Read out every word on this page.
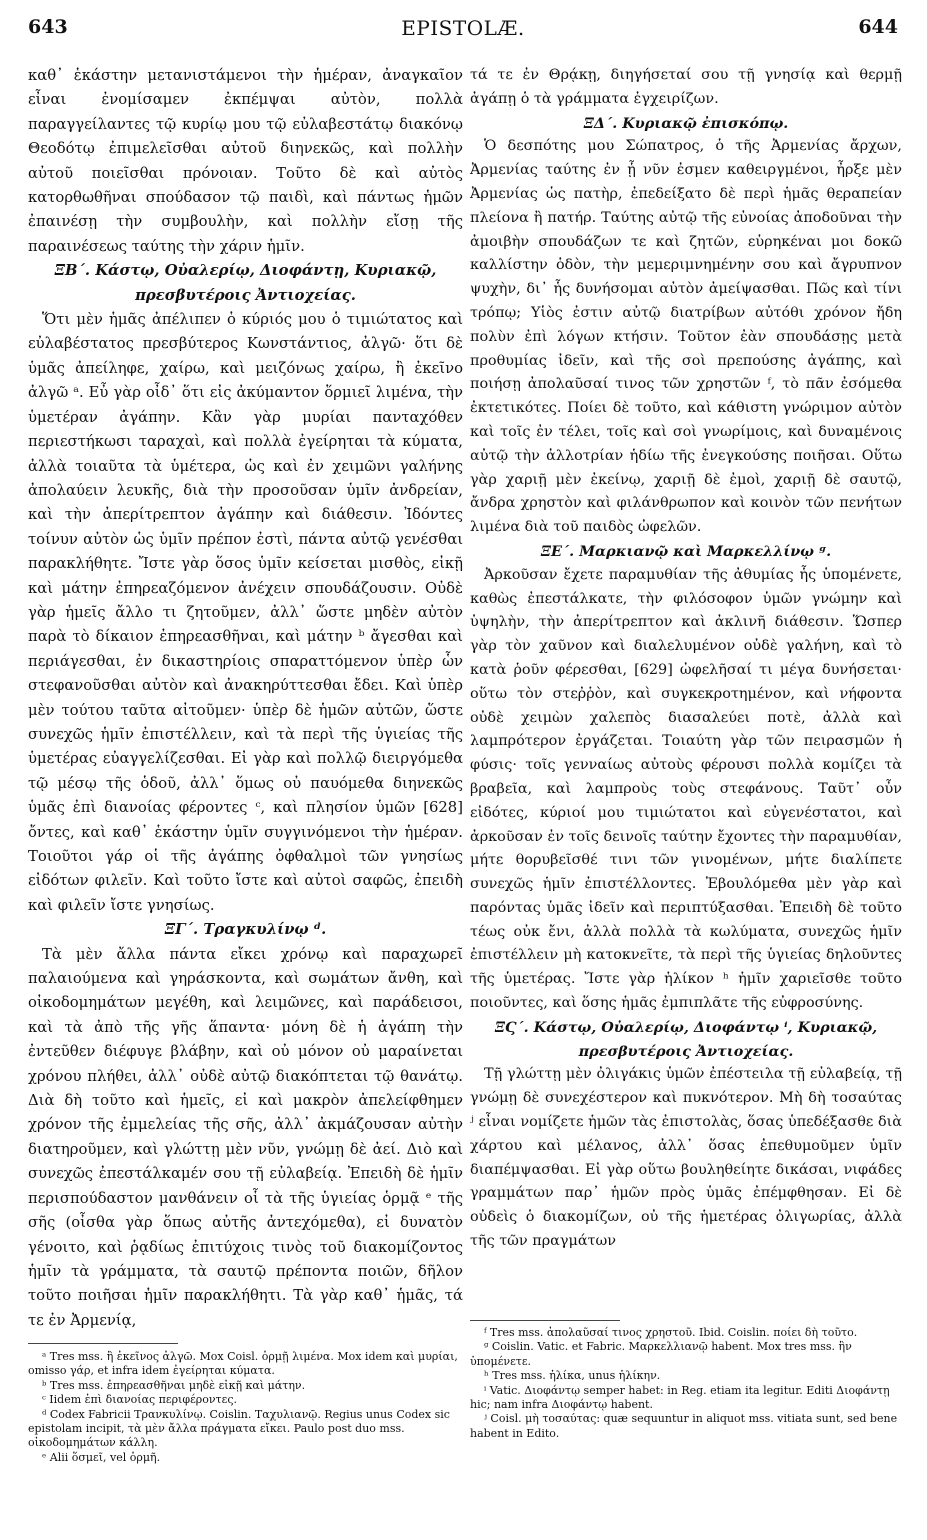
643	EPISTOLÆ.	644

καθ᾽ ἑκάστην μετανιστάμενοι τὴν ἡμέραν, ἀναγκαῖον εἶναι ἐνομίσαμεν ἐκπέμψαι αὐτὸν, πολλὰ παραγγείλαντες τῷ κυρίῳ μου τῷ εὐλαβεστάτῳ διακόνῳ Θεοδότῳ ἐπιμελεῖσθαι αὐτοῦ διηνεκῶς, καὶ πολλὴν αὐτοῦ ποιεῖσθαι πρόνοιαν. Τοῦτο δὲ καὶ αὐτὸς κατορθωθῆναι σπούδασον τῷ παιδὶ, καὶ πάντως ἡμῶν ἐπαινέσῃ τὴν συμβουλὴν, καὶ πολλὴν εἴσῃ τῆς παραινέσεως ταύτης τὴν χάριν ἡμῖν.

ΞΒ΄. Κάστῳ, Οὐαλερίῳ, Διοφάντῃ, Κυριακῷ, πρεσβυτέροις Ἀντιοχείας.

Ὅτι μὲν ἡμᾶς ἀπέλιπεν ὁ κύριός μου ὁ τιμιώτατος καὶ εὐλαβέστατος πρεσβύτερος Κωνστάντιος, ἀλγῶ· ὅτι δὲ ὑμᾶς ἀπείληφε, χαίρω, καὶ μειζόνως χαίρω, ἢ ἐκεῖνο ἀλγῶ ᵃ. Εὖ γὰρ οἶδ᾽ ὅτι εἰς ἀκύμαντον ὅρμιεῖ λιμένα, τὴν ὑμετέραν ἀγάπην. Κἂν γὰρ μυρίαι πανταχόθεν περιεστήκωσι ταραχαὶ, καὶ πολλὰ ἐγείρηται τὰ κύματα, ἀλλὰ τοιαῦτα τὰ ὑμέτερα, ὡς καὶ ἐν χειμῶνι γαλήνης ἀπολαύειν λευκῆς, διὰ τὴν προσοῦσαν ὑμῖν ἀνδρείαν, καὶ τὴν ἀπερίτρεπτον ἀγάπην καὶ διάθεσιν. Ἰδόντες τοίνυν αὐτὸν ὡς ὑμῖν πρέπον ἐστὶ, πάντα αὐτῷ γενέσθαι παρακλήθητε. Ἴστε γὰρ ὅσος ὑμῖν κείσεται μισθὸς, εἰκῇ καὶ μάτην ἐπηρεαζόμενον ἀνέχειν σπουδάζουσιν. Οὐδὲ γὰρ ἡμεῖς ἄλλο τι ζητοῦμεν, ἀλλ᾽ ὥστε μηδὲν αὐτὸν παρὰ τὸ δίκαιον ἐπηρεασθῆναι, καὶ μάτην ᵇ ἄγεσθαι καὶ περιάγεσθαι, ἐν δικαστηρίοις σπαραττόμενον ὑπὲρ ὧν στεφανοῦσθαι αὐτὸν καὶ ἀνακηρύττεσθαι ἔδει. Καὶ ὑπὲρ μὲν τούτου ταῦτα αἰτοῦμεν· ὑπὲρ δὲ ἡμῶν αὐτῶν, ὥστε συνεχῶς ἡμῖν ἐπιστέλλειν, καὶ τὰ περὶ τῆς ὑγιείας τῆς ὑμετέρας εὐαγγελίζεσθαι. Εἰ γὰρ καὶ πολλῷ διειργόμεθα τῷ μέσῳ τῆς ὁδοῦ, ἀλλ᾽ ὅμως οὐ παυόμεθα διηνεκῶς ὑμᾶς ἐπὶ διανοίας φέροντες ᶜ, καὶ πλησίον ὑμῶν [628] ὄντες, καὶ καθ᾽ ἑκάστην ὑμῖν συγγινόμενοι τὴν ἡμέραν. Τοιοῦτοι γάρ οἱ τῆς ἀγάπης ὀφθαλμοὶ τῶν γνησίως εἰδότων φιλεῖν. Καὶ τοῦτο ἴστε καὶ αὐτοὶ σαφῶς, ἐπειδὴ καὶ φιλεῖν ἴστε γνησίως.

ΞΓ΄. Τραγκυλίνῳ ᵈ.

Τὰ μὲν ἄλλα πάντα εἴκει χρόνῳ καὶ παραχωρεῖ παλαιούμενα καὶ γηράσκοντα, καὶ σωμάτων ἄνθη, καὶ οἰκοδομημάτων μεγέθη, καὶ λειμῶνες, καὶ παράδεισοι, καὶ τὰ ἀπὸ τῆς γῆς ἅπαντα· μόνη δὲ ἡ ἀγάπη τὴν ἐντεῦθεν διέφυγε βλάβην, καὶ οὐ μόνον οὐ μαραίνεται χρόνου πλήθει, ἀλλ᾽ οὐδὲ αὐτῷ διακόπτεται τῷ θανάτῳ. Διὰ δὴ τοῦτο καὶ ἡμεῖς, εἰ καὶ μακρὸν ἀπελείφθημεν χρόνον τῆς ἐμμελείας τῆς σῆς, ἀλλ᾽ ἀκμάζουσαν αὐτὴν διατηροῦμεν, καὶ γλώττῃ μὲν νῦν, γνώμῃ δὲ ἀεί. Διὸ καὶ συνεχῶς ἐπεστάλκαμέν σου τῇ εὐλαβείᾳ. Ἐπειδὴ δὲ ἡμῖν περισπούδαστον μανθάνειν οἷ τὰ τῆς ὑγιείας ὁρμᾷ ᵉ τῆς σῆς (οἶσθα γὰρ ὅπως αὐτῆς ἀντεχόμεθα), εἰ δυνατὸν γένοιτο, καὶ ῥᾳδίως ἐπιτύχοις τινὸς τοῦ διακομίζοντος ἡμῖν τὰ γράμματα, τὰ σαυτῷ πρέποντα ποιῶν, δῆλον τοῦτο ποιῆσαι ἡμῖν παρακλήθητι. Τὰ γὰρ καθ᾽ ἡμᾶς, τά τε ἐν Ἀρμενίᾳ,

τά τε ἐν Θρᾴκῃ, διηγήσεταί σου τῇ γνησίᾳ καὶ θερμῇ ἀγάπῃ ὁ τὰ γράμματα ἐγχειρίζων.

ΞΔ΄. Κυριακῷ ἐπισκόπῳ.

Ὁ δεσπότης μου Σώπατρος, ὁ τῆς Ἀρμενίας ἄρχων, Ἀρμενίας ταύτης ἐν ᾗ νῦν ἐσμεν καθειργμένοι, ἦρξε μὲν Ἀρμενίας ὡς πατὴρ, ἐπεδείξατο δὲ περὶ ἡμᾶς θεραπείαν πλείονα ἢ πατήρ. Ταύτης αὐτῷ τῆς εὐνοίας ἀποδοῦναι τὴν ἀμοιβὴν σπουδάζων τε καὶ ζητῶν, εὑρηκέναι μοι δοκῶ καλλίστην ὁδὸν, τὴν μεμεριμνημένην σου καὶ ἄγρυπνον ψυχὴν, δι᾽ ἧς δυνήσομαι αὐτὸν ἀμείψασθαι. Πῶς καὶ τίνι τρόπῳ; Υἱὸς ἐστιν αὐτῷ διατρίβων αὐτόθι χρόνον ἤδη πολὺν ἐπὶ λόγων κτήσιν. Τοῦτον ἐὰν σπουδάσῃς μετὰ προθυμίας ἰδεῖν, καὶ τῆς σοὶ πρεπούσης ἀγάπης, καὶ ποιήσῃ ἀπολαῦσαί τινος τῶν χρηστῶν ᶠ, τὸ πᾶν ἐσόμεθα ἐκτετικότες. Ποίει δὲ τοῦτο, καὶ κάθιστη γνώριμον αὐτὸν καὶ τοῖς ἐν τέλει, τοῖς καὶ σοὶ γνωρίμοις, καὶ δυναμένοις αὐτῷ τὴν ἀλλοτρίαν ἡδίω τῆς ἐνεγκούσης ποιῆσαι. Οὕτω γὰρ χαριῇ μὲν ἐκείνῳ, χαριῇ δὲ ἐμοὶ, χαριῇ δὲ σαυτῷ, ἄνδρα χρηστὸν καὶ φιλάνθρωπον καὶ κοινὸν τῶν πενήτων λιμένα διὰ τοῦ παιδὸς ὠφελῶν.

ΞΕ΄. Μαρκιανῷ καὶ Μαρκελλίνῳ ᵍ.

Ἀρκοῦσαν ἔχετε παραμυθίαν τῆς ἀθυμίας ἧς ὑπομένετε, καθὼς ἐπεστάλκατε, τὴν φιλόσοφον ὑμῶν γνώμην καὶ ὑψηλὴν, τὴν ἀπερίτρεπτον καὶ ἀκλινῆ διάθεσιν. Ὥσπερ γὰρ τὸν χαῦνον καὶ διαλελυμένον οὐδὲ γαλήνη, καὶ τὸ κατὰ ῥοῦν φέρεσθαι, [629] ὠφελῆσαί τι μέγα δυνήσεται· οὕτω τὸν στεῤῥὸν, καὶ συγκεκροτημένον, καὶ νήφοντα οὐδὲ χειμὼν χαλεπὸς διασαλεύει ποτὲ, ἀλλὰ καὶ λαμπρότερον ἐργάζεται. Τοιαύτη γὰρ τῶν πειρασμῶν ἡ φύσις· τοῖς γενναίως αὐτοὺς φέρουσι πολλὰ κομίζει τὰ βραβεῖα, καὶ λαμπροὺς τοὺς στεφάνους. Ταῦτ᾽ οὖν εἰδότες, κύριοί μου τιμιώτατοι καὶ εὐγενέστατοι, καὶ ἀρκοῦσαν ἐν τοῖς δεινοῖς ταύτην ἔχοντες τὴν παραμυθίαν, μήτε θορυβεῖσθέ τινι τῶν γινομένων, μήτε διαλίπετε συνεχῶς ἡμῖν ἐπιστέλλοντες. Ἐβουλόμεθα μὲν γὰρ καὶ παρόντας ὑμᾶς ἰδεῖν καὶ περιπτύξασθαι. Ἐπειδὴ δὲ τοῦτο τέως οὐκ ἔνι, ἀλλὰ πολλὰ τὰ κωλύματα, συνεχῶς ἡμῖν ἐπιστέλλειν μὴ κατοκνεῖτε, τὰ περὶ τῆς ὑγιείας δηλοῦντες τῆς ὑμετέρας. Ἴστε γὰρ ἡλίκον ʰ ἡμῖν χαριεῖσθε τοῦτο ποιοῦντες, καὶ ὅσης ἡμᾶς ἐμπιπλᾶτε τῆς εὐφροσύνης.

ΞϚ΄. Κάστῳ, Οὐαλερίῳ, Διοφάντῳ ⁱ, Κυριακῷ, πρεσβυτέροις Ἀντιοχείας.

Τῇ γλώττῃ μὲν ὀλιγάκις ὑμῶν ἐπέστειλα τῇ εὐλαβείᾳ, τῇ γνώμῃ δὲ συνεχέστερον καὶ πυκνότερον. Μὴ δὴ τοσαύτας ʲ εἶναι νομίζετε ἡμῶν τὰς ἐπιστολὰς, ὅσας ὑπεδέξασθε διὰ χάρτου καὶ μέλανος, ἀλλ᾽ ὅσας ἐπεθυμοῦμεν ὑμῖν διαπέμψασθαι. Εἰ γὰρ οὕτω βουληθείητε δικάσαι, νιφάδες γραμμάτων παρ᾽ ἡμῶν πρὸς ὑμᾶς ἐπέμφθησαν. Εἰ δὲ οὐδεὶς ὁ διακομίζων, οὐ τῆς ἡμετέρας ὀλιγωρίας, ἀλλὰ τῆς τῶν πραγμάτων

ᵃ Tres mss. ἢ ἐκεῖνος ἀλγῶ. Mox Coisl. ὁρμῇ λιμένα. Mox idem καὶ μυρίαι, omisso γάρ, et infra idem ἐγείρηται κύματα.

ᵇ Tres mss. ἐπηρεασθῆναι μηδὲ εἰκῇ καὶ μάτην.

ᶜ Iidem ἐπὶ διανοίας περιφέροντες.

ᵈ Codex Fabricii Τρανκυλίνῳ. Coislin. Ταχυλιανῷ. Regius unus Codex sic epistolam incipit, τὰ μὲν ἄλλα πράγματα εἴκει. Paulo post duo mss. οἰκοδομημάτων κάλλη.

ᵉ Alii ὅσμεῖ, vel ὁρμῆ.

ᶠ Tres mss. ἀπολαῦσαί τινος χρηστοῦ. Ibid. Coislin. ποίει δὴ τοῦτο.

ᵍ Coislin. Vatic. et Fabric. Μαρκελλιανῷ habent. Mox tres mss. ἣν ὑπομένετε.

ʰ Tres mss. ἡλίκα, unus ἡλίκην.

ⁱ Vatic. Διοφάντῳ semper habet: in Reg. etiam ita legitur. Editi Διοφάντῃ hic; nam infra Διοφάντῳ habent.

ʲ Coisl. μὴ τοσαύτας: quæ sequuntur in aliquot mss. vitiata sunt, sed bene habent in Edito.
